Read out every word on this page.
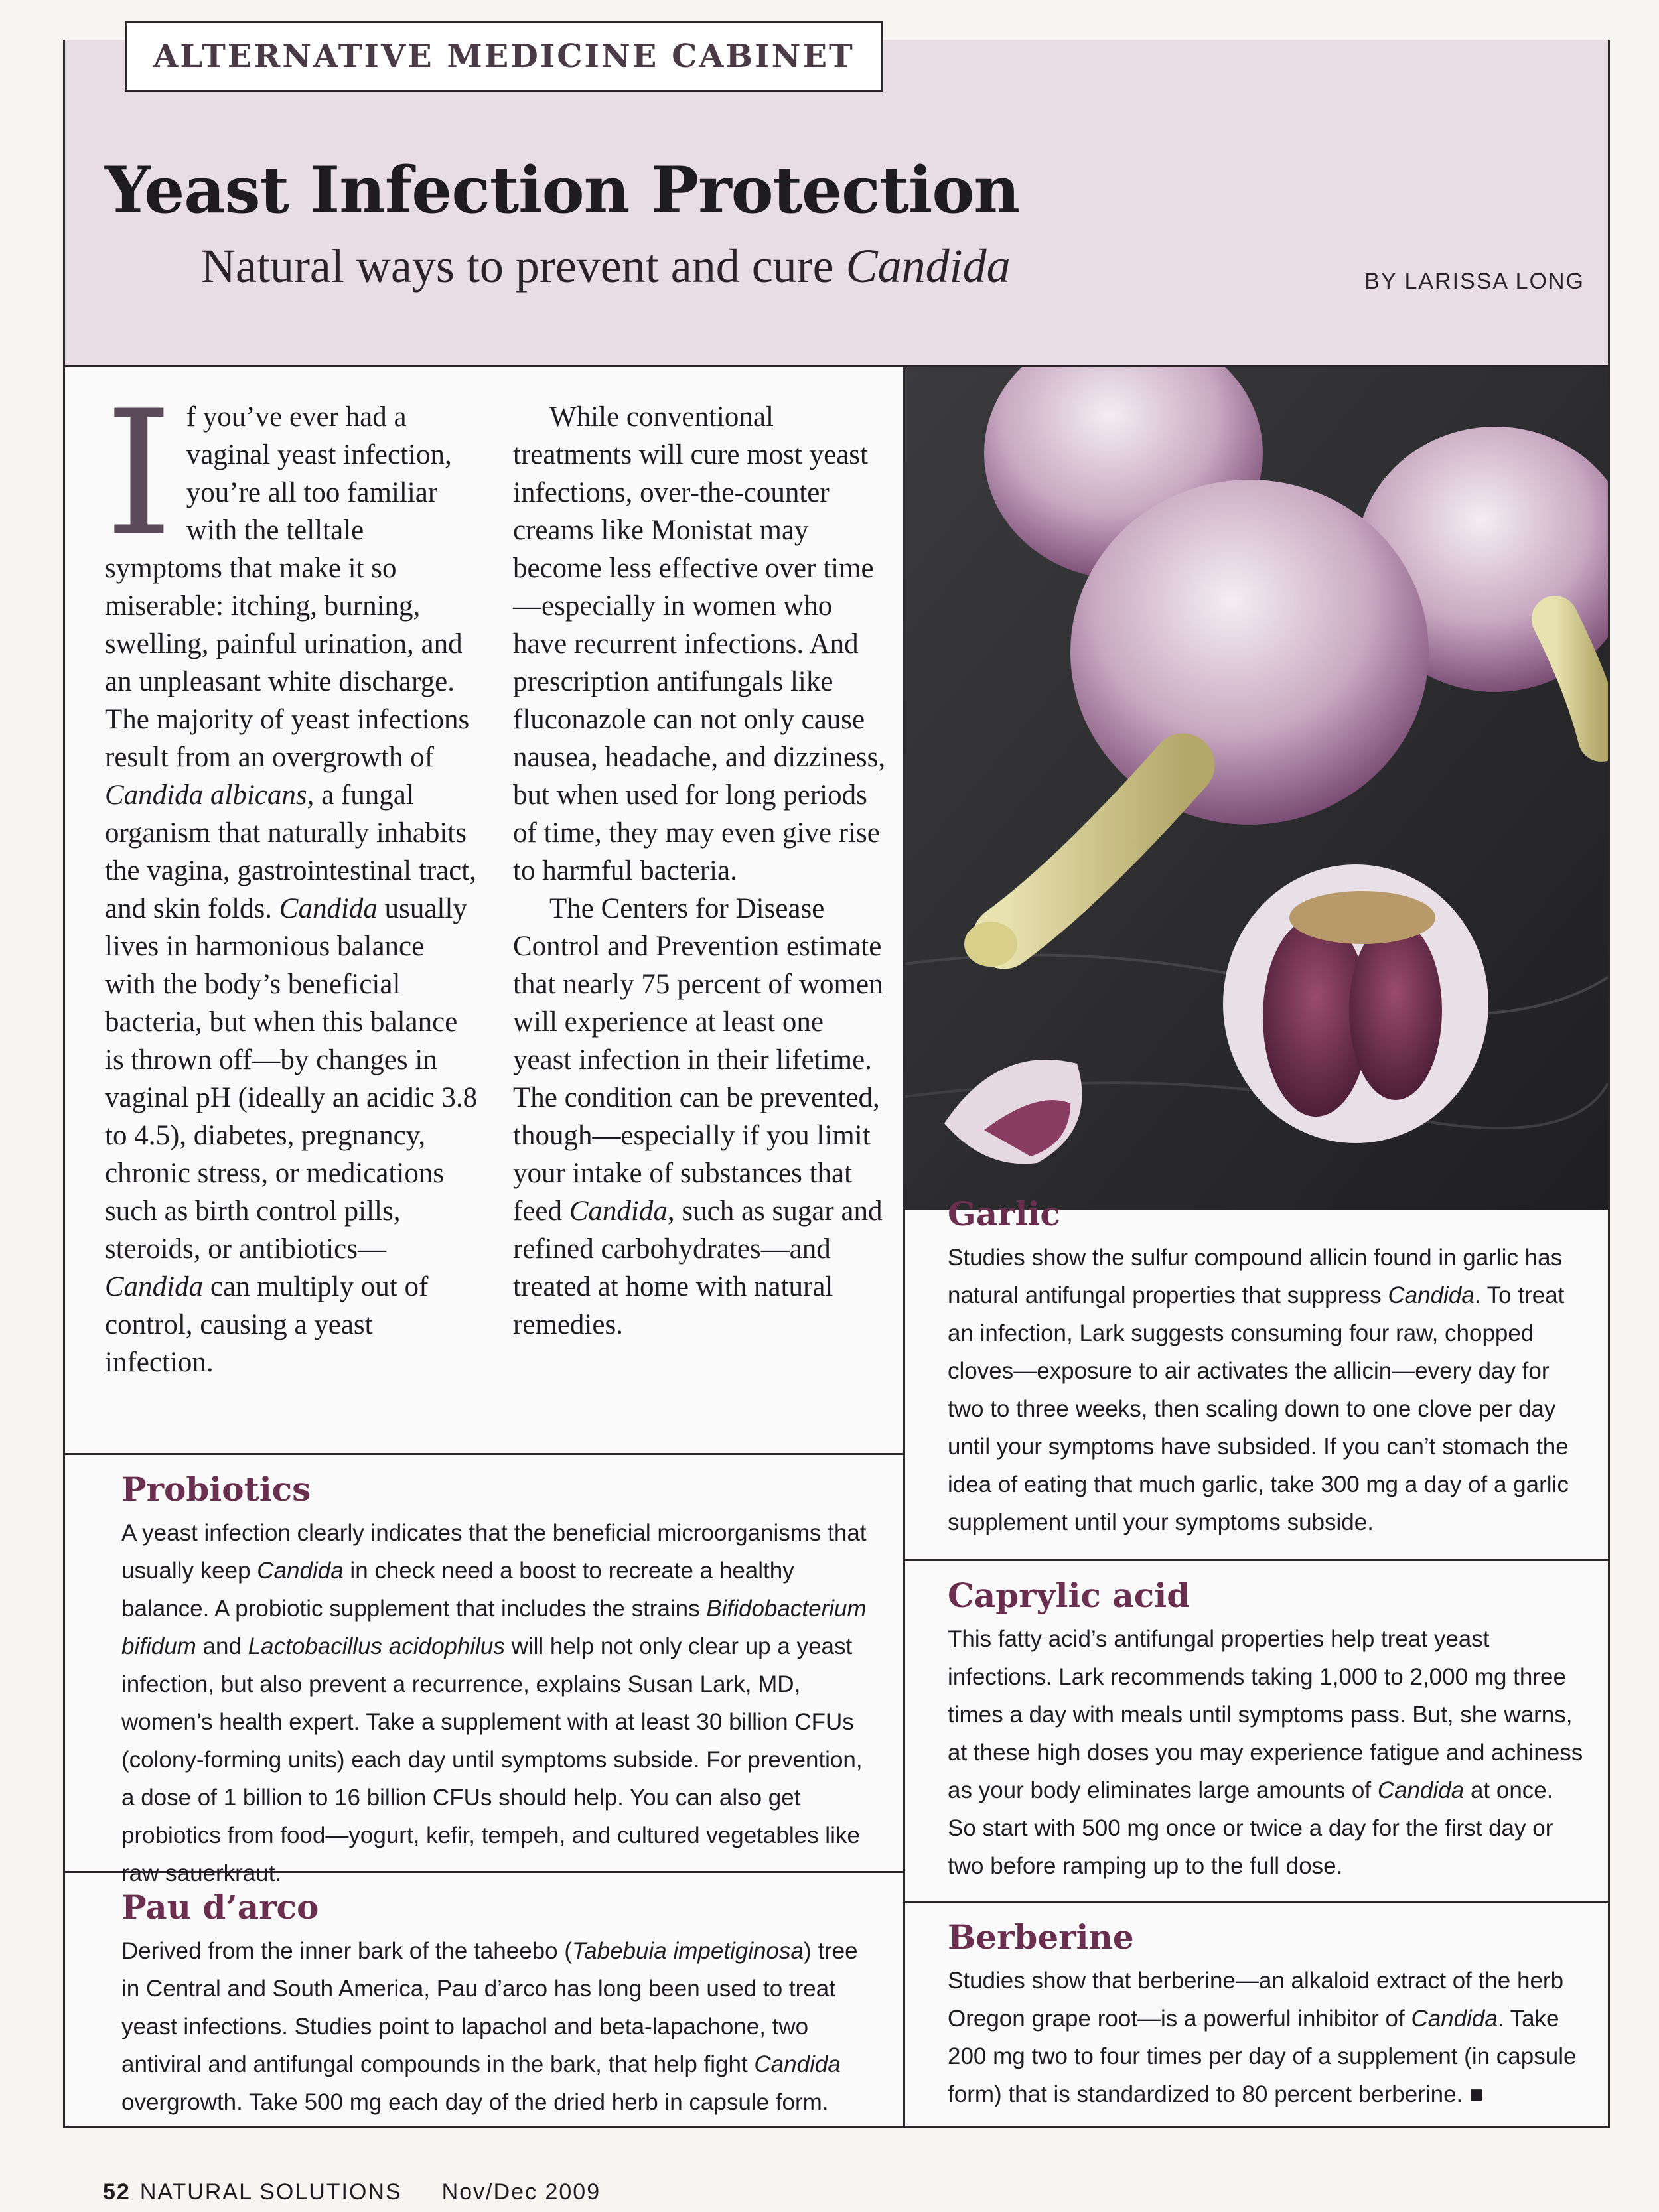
ALTERNATIVE MEDICINE CABINET
Yeast Infection Protection
Natural ways to prevent and cure Candida	BY LARISSA LONG

If you’ve ever had a vaginal yeast infection, you’re all too familiar with the telltale symptoms that make it so miserable: itching, burning, swelling, painful urination, and an unpleasant white discharge. The majority of yeast infections result from an overgrowth of Candida albicans, a fungal organism that naturally inhabits the vagina, gastrointestinal tract, and skin folds. Candida usually lives in harmonious balance with the body’s beneficial bacteria, but when this balance is thrown off—by changes in vaginal pH (ideally an acidic 3.8 to 4.5), diabetes, pregnancy, chronic stress, or medications such as birth control pills, steroids, or antibiotics—Candida can multiply out of control, causing a yeast infection.

While conventional treatments will cure most yeast infections, over-the-counter creams like Monistat may become less effective over time—especially in women who have recurrent infections. And prescription antifungals like fluconazole can not only cause nausea, headache, and dizziness, but when used for long periods of time, they may even give rise to harmful bacteria.

The Centers for Disease Control and Prevention estimate that nearly 75 percent of women will experience at least one yeast infection in their lifetime. The condition can be prevented, though—especially if you limit your intake of substances that feed Candida, such as sugar and refined carbohydrates—and treated at home with natural remedies.

Garlic

Studies show the sulfur compound allicin found in garlic has natural antifungal properties that suppress Candida. To treat an infection, Lark suggests consuming four raw, chopped cloves—exposure to air activates the allicin—every day for two to three weeks, then scaling down to one clove per day until your symptoms have subsided. If you can’t stomach the idea of eating that much garlic, take 300 mg a day of a garlic supplement until your symptoms subside.

Probiotics

A yeast infection clearly indicates that the beneficial microorganisms that usually keep Candida in check need a boost to recreate a healthy balance. A probiotic supplement that includes the strains Bifidobacterium bifidum and Lactobacillus acidophilus will help not only clear up a yeast infection, but also prevent a recurrence, explains Susan Lark, MD, women’s health expert. Take a supplement with at least 30 billion CFUs (colony-forming units) each day until symptoms subside. For prevention, a dose of 1 billion to 16 billion CFUs should help. You can also get probiotics from food—yogurt, kefir, tempeh, and cultured vegetables like raw sauerkraut.

Caprylic acid

This fatty acid’s antifungal properties help treat yeast infections. Lark recommends taking 1,000 to 2,000 mg three times a day with meals until symptoms pass. But, she warns, at these high doses you may experience fatigue and achiness as your body eliminates large amounts of Candida at once. So start with 500 mg once or twice a day for the first day or two before ramping up to the full dose.

Pau d’arco

Derived from the inner bark of the taheebo (Tabebuia impetiginosa) tree in Central and South America, Pau d’arco has long been used to treat yeast infections. Studies point to lapachol and beta-lapachone, two antiviral and antifungal compounds in the bark, that help fight Candida overgrowth. Take 500 mg each day of the dried herb in capsule form.

Berberine

Studies show that berberine—an alkaloid extract of the herb Oregon grape root—is a powerful inhibitor of Candida. Take 200 mg two to four times per day of a supplement (in capsule form) that is standardized to 80 percent berberine. ■

52 NATURAL SOLUTIONS Nov/Dec 2009
